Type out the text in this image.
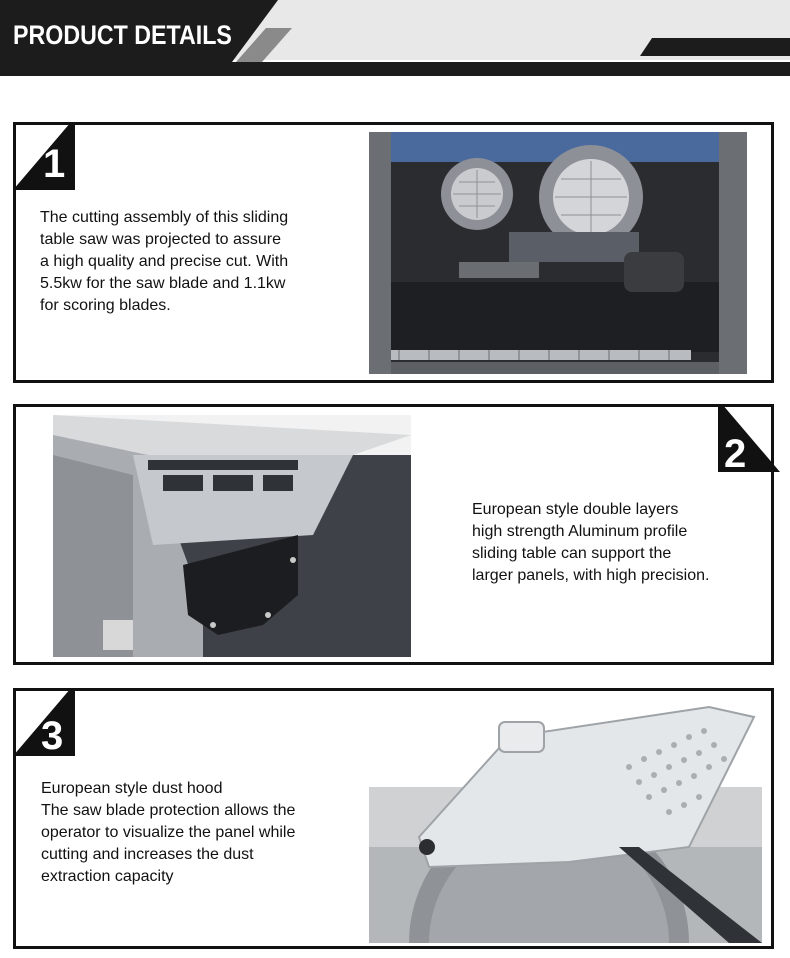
PRODUCT DETAILS
1
The cutting assembly of this sliding
table saw was projected to assure
a high quality and precise cut. With
5.5kw for the saw blade and 1.1kw
for scoring blades.
2
European style double layers
high strength Aluminum profile
sliding table can support the
larger panels, with high precision.
3
European style dust hood
The saw blade protection allows the
operator to visualize the panel while
cutting and increases the dust
extraction capacity
